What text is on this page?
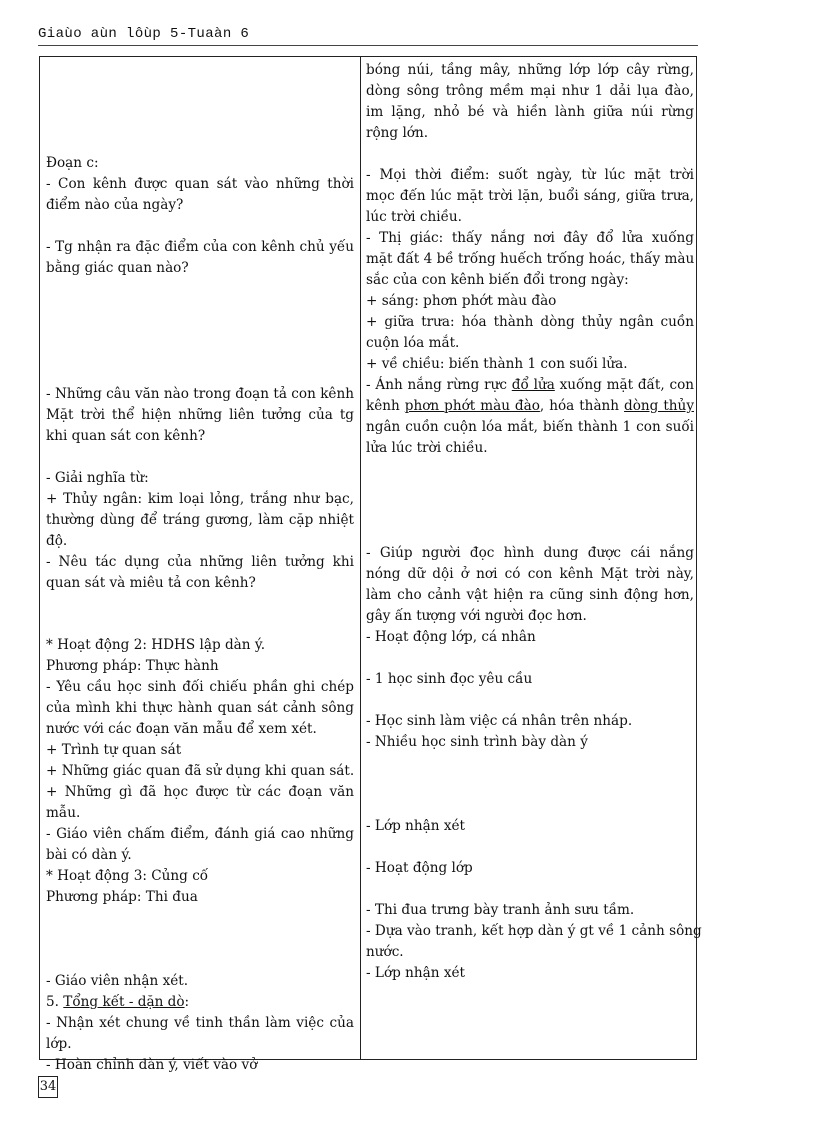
Giaùo aùn lôùp 5-Tuaàn 6
Đoạn c:
- Con kênh được quan sát vào những thời
điểm nào của ngày?
- Tg nhận ra đặc điểm của con kênh chủ yếu
bằng giác quan nào?
- Những câu văn nào trong đoạn tả con kênh
Mặt trời thể hiện những liên tưởng của tg
khi quan sát con kênh?
- Giải nghĩa từ:
+ Thủy ngân: kim loại lỏng, trắng như bạc,
thường dùng để tráng gương, làm cặp nhiệt
độ.
- Nêu tác dụng của những liên tưởng khi
quan sát và miêu tả con kênh?
* Hoạt động 2: HDHS lập dàn ý.
Phương pháp: Thực hành
- Yêu cầu học sinh đối chiếu phần ghi chép
của mình khi thực hành quan sát cảnh sông
nước với các đoạn văn mẫu để xem xét.
+ Trình tự quan sát
+ Những giác quan đã sử dụng khi quan sát.
+ Những gì đã học được từ các đoạn văn
mẫu.
- Giáo viên chấm điểm, đánh giá cao những
bài có dàn ý.
* Hoạt động 3: Củng cố
Phương pháp: Thi đua
- Giáo viên nhận xét.
- Nhận xét chung về tinh thần làm việc của
lớp.
- Hoàn chỉnh dàn ý, viết vào vở
bóng núi, tầng mây, những lớp lớp cây rừng,
dòng sông trông mềm mại như 1 dải lụa đào,
im lặng, nhỏ bé và hiền lành giữa núi rừng
rộng lớn.
- Mọi thời điểm: suốt ngày, từ lúc mặt trời
mọc đến lúc mặt trời lặn, buổi sáng, giữa trưa,
lúc trời chiều.
- Thị giác: thấy nắng nơi đây đổ lửa xuống
mặt đất 4 bề trống huếch trống hoác, thấy màu
sắc của con kênh biến đổi trong ngày:
+ sáng: phơn phớt màu đào
+ giữa trưa: hóa thành dòng thủy ngân cuồn
cuộn lóa mắt.
+ về chiều: biến thành 1 con suối lửa.
ngân cuồn cuộn lóa mắt, biến thành 1 con suối
lửa lúc trời chiều.
- Giúp người đọc hình dung được cái nắng
nóng dữ dội ở nơi có con kênh Mặt trời này,
làm cho cảnh vật hiện ra cũng sinh động hơn,
gây ấn tượng với người đọc hơn.
- Hoạt động lớp, cá nhân
- 1 học sinh đọc yêu cầu
- Học sinh làm việc cá nhân trên nháp.
- Nhiều học sinh trình bày dàn ý
- Lớp nhận xét
- Hoạt động lớp
- Thi đua trưng bày tranh ảnh sưu tầm.
- Dựa vào tranh, kết hợp dàn ý gt về 1 cảnh sông
nước.
- Lớp nhận xét
5. Tổng kết - dặn dò:
- Ánh nắng rừng rực đổ lửa xuống mặt đất, con
kênh phơn phớt màu đào, hóa thành dòng thủy
34
